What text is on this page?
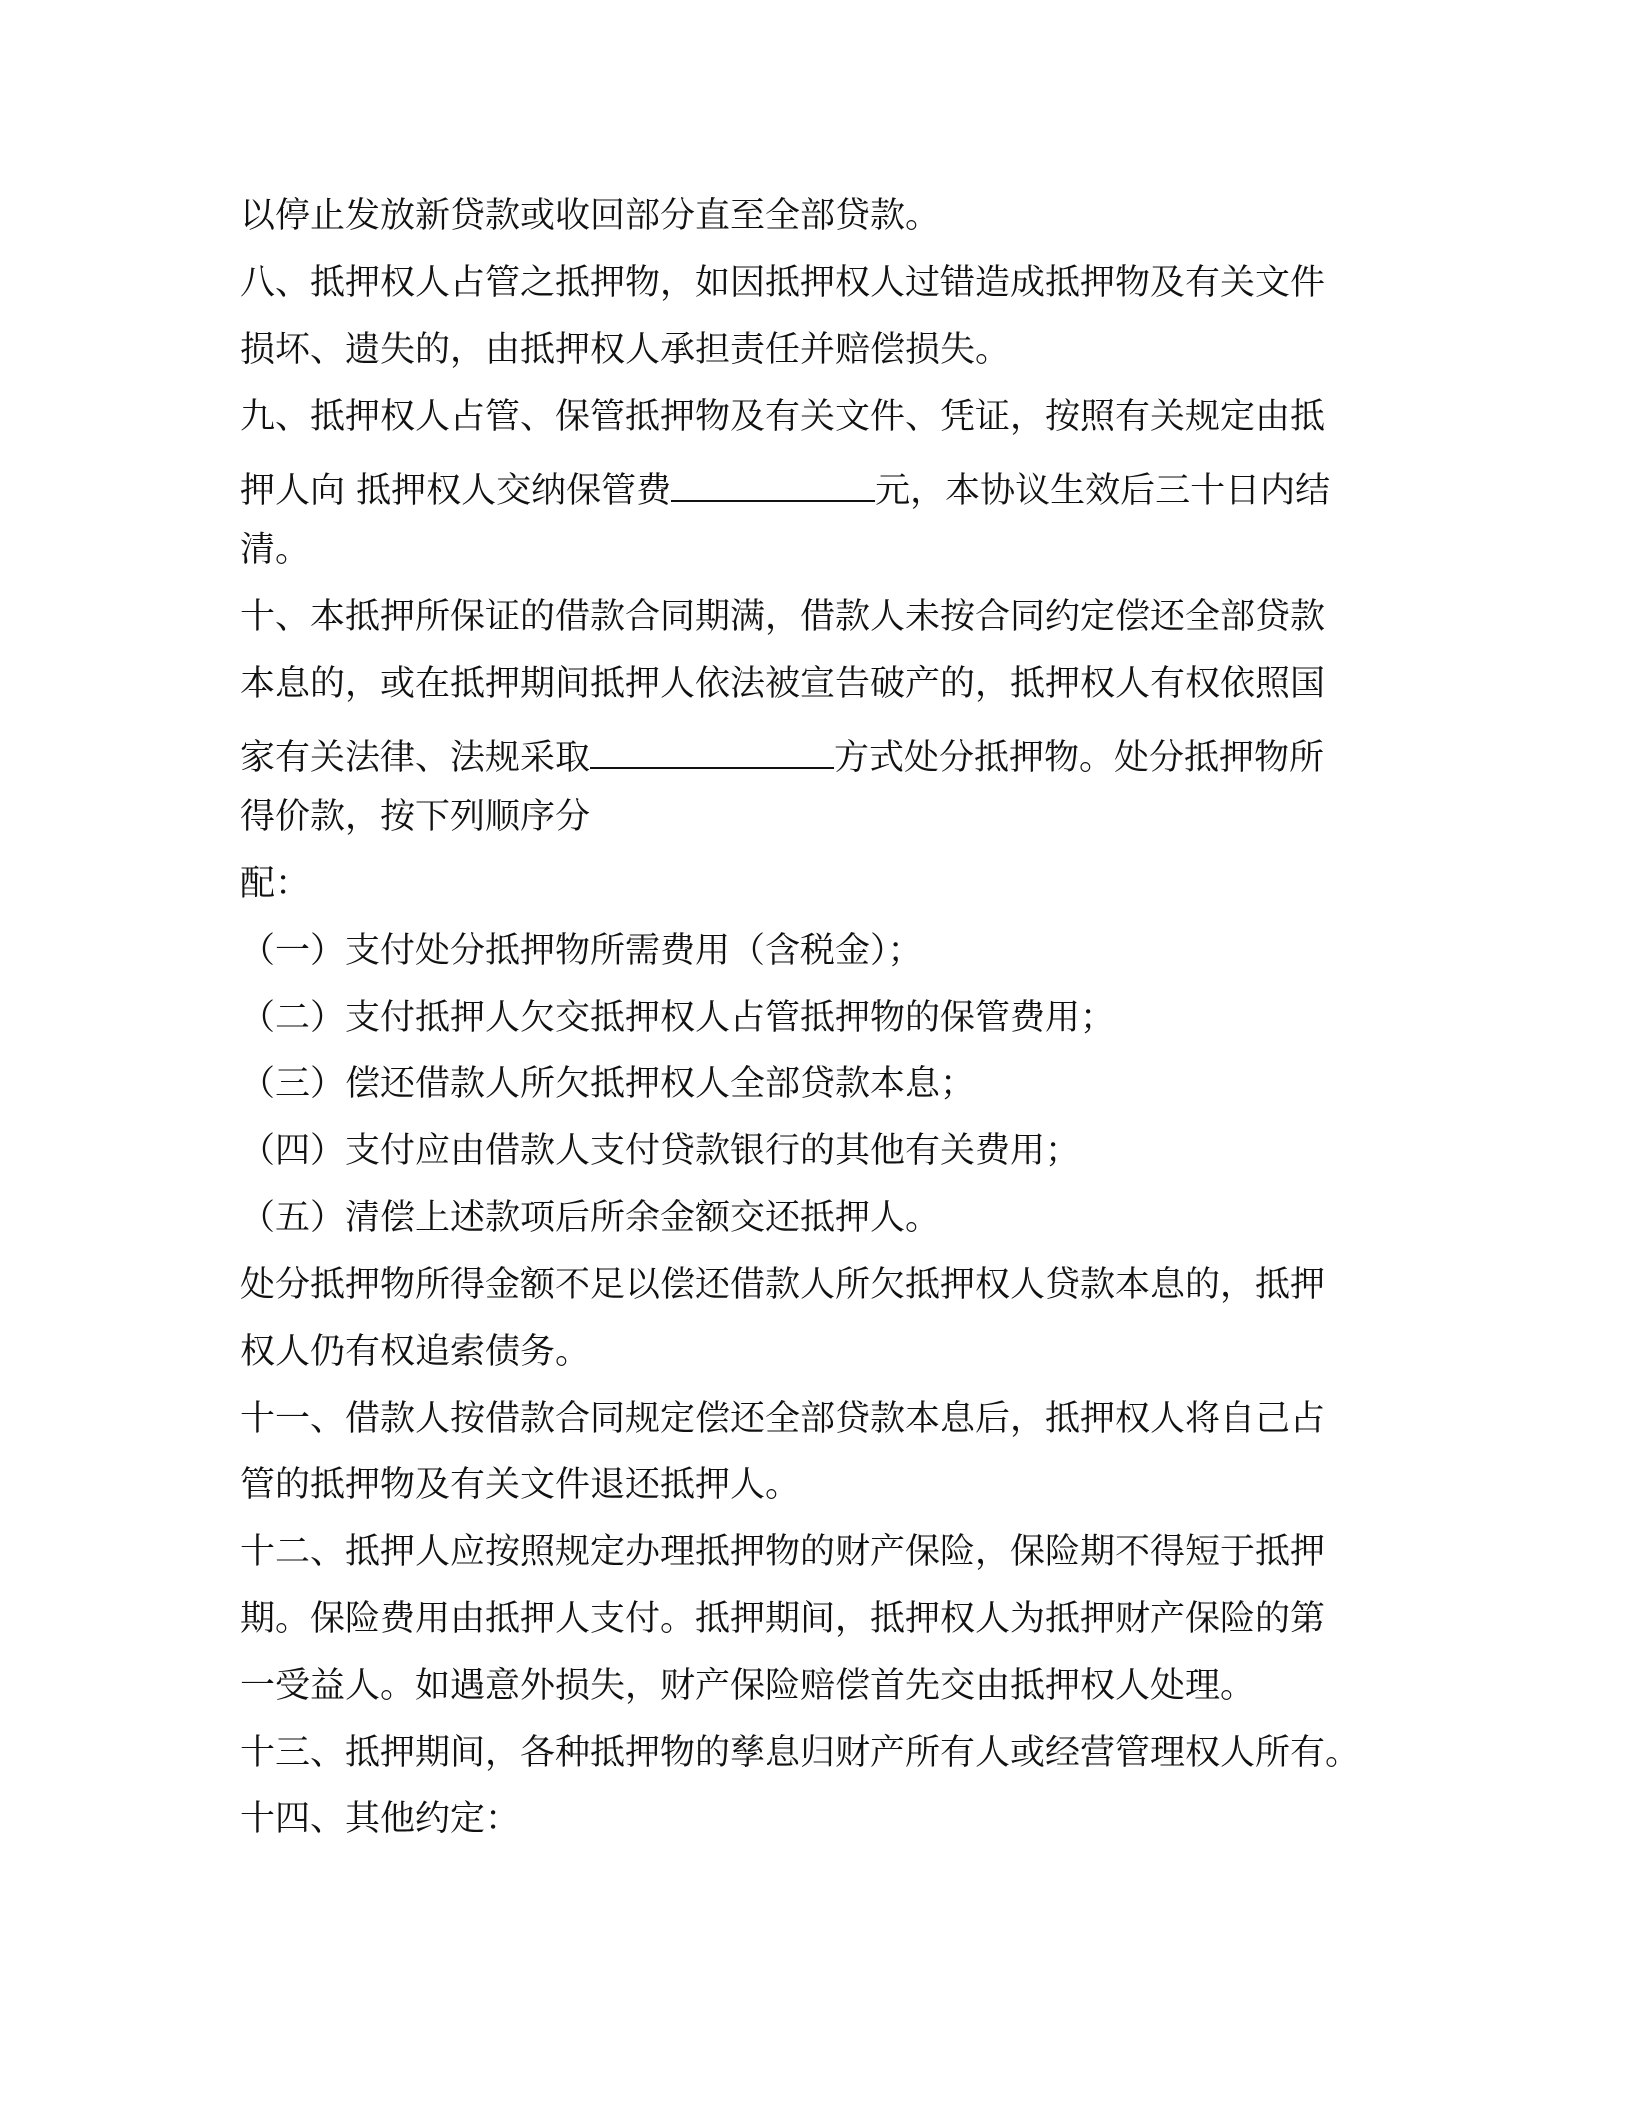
以停止发放新贷款或收回部分直至全部贷款。
八、抵押权人占管之抵押物，如因抵押权人过错造成抵押物及有关文件
损坏、遗失的，由抵押权人承担责任并赔偿损失。
九、抵押权人占管、保管抵押物及有关文件、凭证，按照有关规定由抵
押人向 抵押权人交纳保管费	元，本协议生效后三十日内结
清。
十、本抵押所保证的借款合同期满，借款人未按合同约定偿还全部贷款
本息的，或在抵押期间抵押人依法被宣告破产的，抵押权人有权依照国
家有关法律、法规采取	方式处分抵押物。处分抵押物所
得价款，按下列顺序分
配：
（一）支付处分抵押物所需费用（含税金）；
（二）支付抵押人欠交抵押权人占管抵押物的保管费用；
（三）偿还借款人所欠抵押权人全部贷款本息；
（四）支付应由借款人支付贷款银行的其他有关费用；
（五）清偿上述款项后所余金额交还抵押人。
处分抵押物所得金额不足以偿还借款人所欠抵押权人贷款本息的，抵押
权人仍有权追索债务。
十一、借款人按借款合同规定偿还全部贷款本息后，抵押权人将自己占
管的抵押物及有关文件退还抵押人。
十二、抵押人应按照规定办理抵押物的财产保险，保险期不得短于抵押
期。保险费用由抵押人支付。抵押期间，抵押权人为抵押财产保险的第
一受益人。如遇意外损失，财产保险赔偿首先交由抵押权人处理。
十三、抵押期间，各种抵押物的孳息归财产所有人或经营管理权人所有。
十四、其他约定：
